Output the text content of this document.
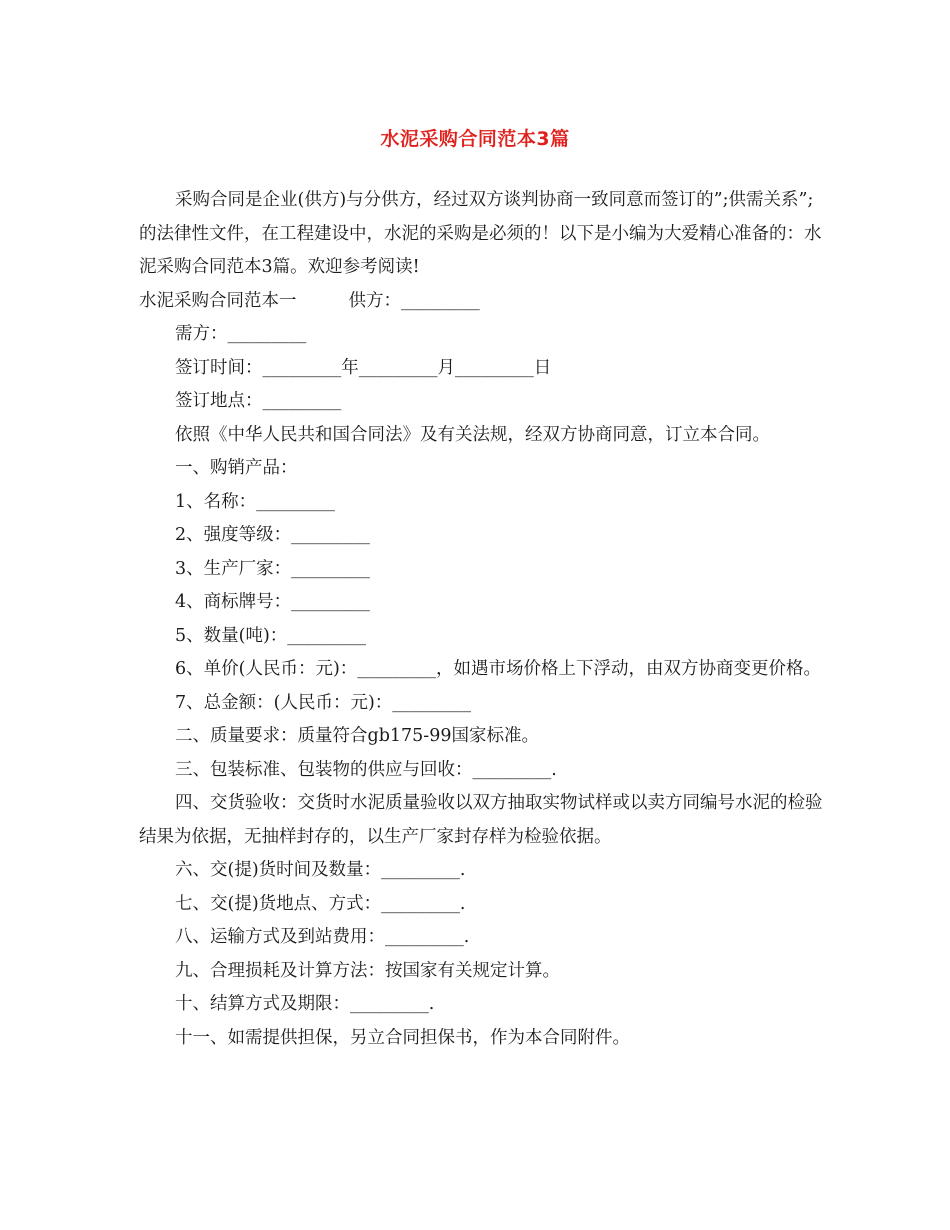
水泥采购合同范本3篇

采购合同是企业(供方)与分供方，经过双方谈判协商一致同意而签订的”;供需关系”;的法律性文件，在工程建设中，水泥的采购是必须的！以下是小编为大爱精心准备的：水泥采购合同范本3篇。欢迎参考阅读!

水泥采购合同范本一	供方：_________

需方：_________

签订时间：_________年_________月_________日

签订地点：_________

依照《中华人民共和国合同法》及有关法规，经双方协商同意，订立本合同。

一、购销产品：

1、名称：_________

2、强度等级：_________

3、生产厂家：_________

4、商标牌号：_________

5、数量(吨)：_________

6、单价(人民币：元)：_________，如遇市场价格上下浮动，由双方协商变更价格。

7、总金额：(人民币：元)：_________

二、质量要求：质量符合gb175-99国家标准。

三、包装标准、包装物的供应与回收：_________.

四、交货验收：交货时水泥质量验收以双方抽取实物试样或以卖方同编号水泥的检验结果为依据，无抽样封存的，以生产厂家封存样为检验依据。

六、交(提)货时间及数量：_________.

七、交(提)货地点、方式：_________.

八、运输方式及到站费用：_________.

九、合理损耗及计算方法：按国家有关规定计算。

十、结算方式及期限：_________.

十一、如需提供担保，另立合同担保书，作为本合同附件。
